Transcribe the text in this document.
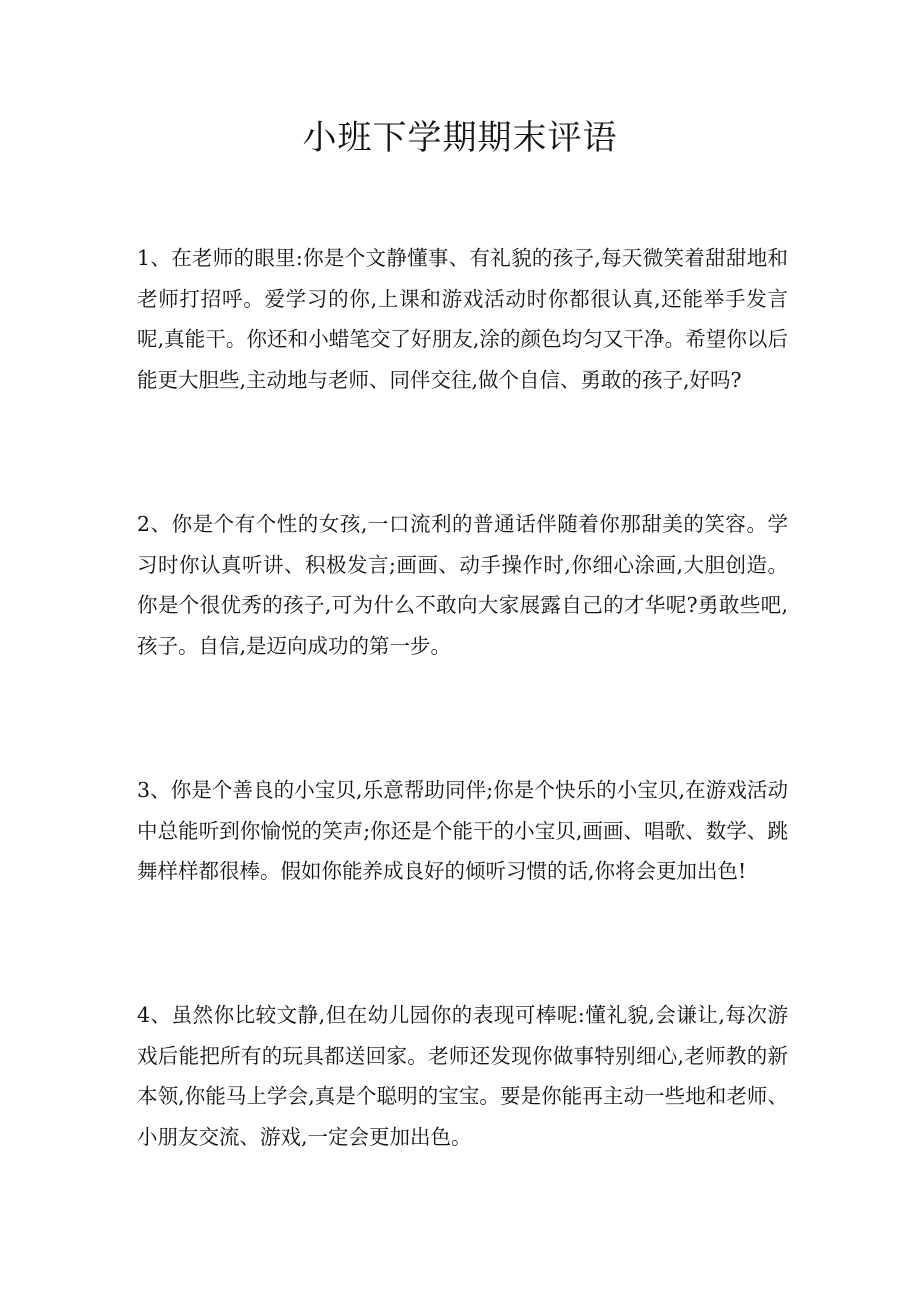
小班下学期期末评语

1、在老师的眼里:你是个文静懂事、有礼貌的孩子,每天微笑着甜甜地和老师打招呼。爱学习的你,上课和游戏活动时你都很认真,还能举手发言呢,真能干。你还和小蜡笔交了好朋友,涂的颜色均匀又干净。希望你以后能更大胆些,主动地与老师、同伴交往,做个自信、勇敢的孩子,好吗?

2、你是个有个性的女孩,一口流利的普通话伴随着你那甜美的笑容。学习时你认真听讲、积极发言;画画、动手操作时,你细心涂画,大胆创造。你是个很优秀的孩子,可为什么不敢向大家展露自己的才华呢?勇敢些吧,孩子。自信,是迈向成功的第一步。

3、你是个善良的小宝贝,乐意帮助同伴;你是个快乐的小宝贝,在游戏活动中总能听到你愉悦的笑声;你还是个能干的小宝贝,画画、唱歌、数学、跳舞样样都很棒。假如你能养成良好的倾听习惯的话,你将会更加出色!

4、虽然你比较文静,但在幼儿园你的表现可棒呢:懂礼貌,会谦让,每次游戏后能把所有的玩具都送回家。老师还发现你做事特别细心,老师教的新本领,你能马上学会,真是个聪明的宝宝。要是你能再主动一些地和老师、小朋友交流、游戏,一定会更加出色。
